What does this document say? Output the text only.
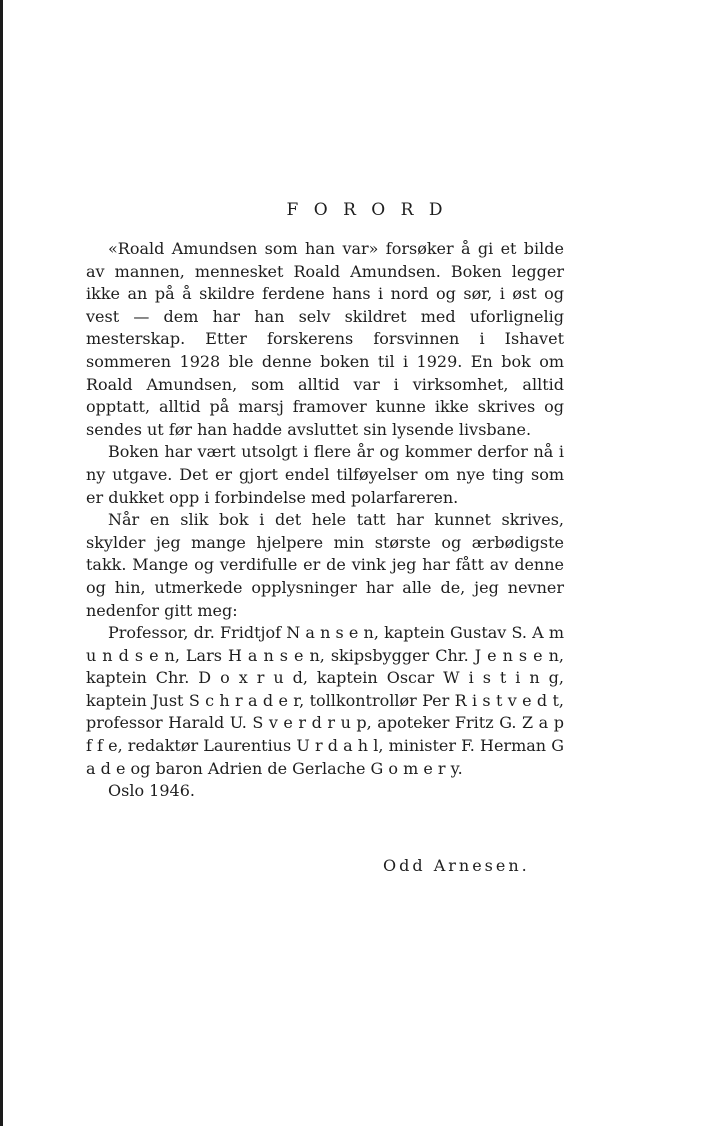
F O R O R D

«Roald Amundsen som han var» forsøker å gi et bilde av mannen, mennesket Roald Amundsen. Boken legger ikke an på å skildre ferdene hans i nord og sør, i øst og vest — dem har han selv skildret med uforlignelig mesterskap. Etter forskerens forsvinnen i Ishavet sommeren 1928 ble denne boken til i 1929. En bok om Roald Amundsen, som alltid var i virksomhet, alltid opptatt, alltid på marsj framover kunne ikke skrives og sendes ut før han hadde avsluttet sin lysende livsbane.

Boken har vært utsolgt i flere år og kommer derfor nå i ny utgave. Det er gjort endel tilføyelser om nye ting som er dukket opp i forbindelse med polarfareren.

Når en slik bok i det hele tatt har kunnet skrives, skylder jeg mange hjelpere min største og ærbødigste takk. Mange og verdifulle er de vink jeg har fått av denne og hin, utmerkede opplysninger har alle de, jeg nevner nedenfor gitt meg:

Professor, dr. Fridtjof N a n s e n, kaptein Gustav S. A m u n d s e n, Lars H a n s e n, skipsbygger Chr. J e n s e n, kaptein Chr. D o x r u d, kaptein Oscar W i s t i n g, kaptein Just S c h r a d e r, tollkontrollør Per R i s t v e d t, professor Harald U. S v e r d r u p, apoteker Fritz G. Z a p f f e, redaktør Laurentius U r d a h l, minister F. Herman G a d e og baron Adrien de Gerlache G o m e r y.

Oslo 1946.

Odd Arnesen.
